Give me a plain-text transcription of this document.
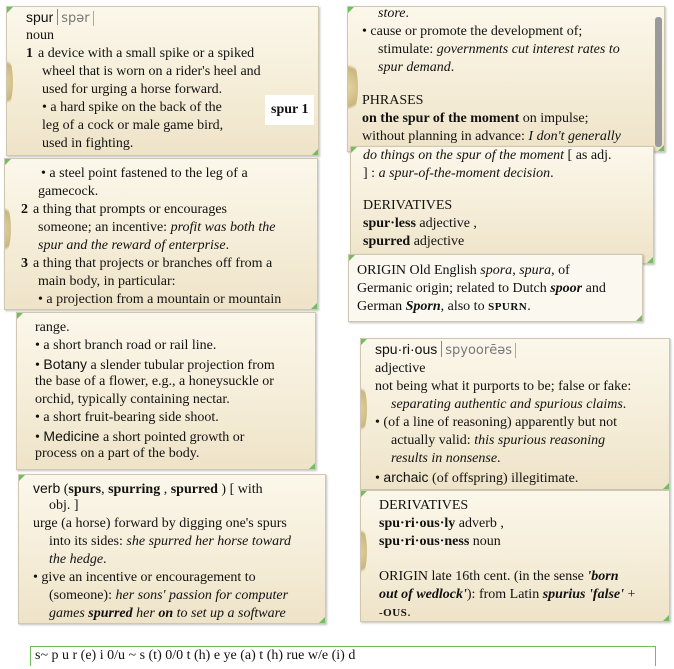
spur spər
noun
1 a device with a small spike or a spiked
wheel that is worn on a rider's heel and
used for urging a horse forward.
• a hard spike on the back of the
leg of a cock or male game bird,
used in fighting.
spur 1
• a steel point fastened to the leg of a
gamecock.
2 a thing that prompts or encourages
someone; an incentive: profit was both the
spur and the reward of enterprise.
3 a thing that projects or branches off from a
main body, in particular:
• a projection from a mountain or mountain
range.
• a short branch road or rail line.
• Botany a slender tubular projection from
the base of a flower, e.g., a honeysuckle or
orchid, typically containing nectar.
• a short fruit-bearing side shoot.
• Medicine a short pointed growth or
process on a part of the body.
verb (spurs, spurring , spurred ) [ with
obj. ]
urge (a horse) forward by digging one's spurs
into its sides: she spurred her horse toward
the hedge.
• give an incentive or encouragement to
(someone): her sons' passion for computer
games spurred her on to set up a software
store.
• cause or promote the development of;
stimulate: governments cut interest rates to
spur demand.
PHRASES
on the spur of the moment on impulse;
without planning in advance: I don't generally
do things on the spur of the moment [ as adj.
] : a spur-of-the-moment decision.
DERIVATIVES
spur·less adjective ,
spurred adjective
ORIGIN Old English spora, spura, of
Germanic origin; related to Dutch spoor and
German Sporn, also to SPURN.
spu·ri·ous spyoorēəs
adjective
not being what it purports to be; false or fake:
separating authentic and spurious claims.
• (of a line of reasoning) apparently but not
actually valid: this spurious reasoning
results in nonsense.
• archaic (of offspring) illegitimate.
DERIVATIVES
spu·ri·ous·ly adverb ,
spu·ri·ous·ness noun
ORIGIN late 16th cent. (in the sense 'born
out of wedlock'): from Latin spurius 'false' +
-OUS.
s~ p u r (e) i 0/u ~ s (t) 0/0 t (h) e ye (a) t (h) rue w/e (i) d
